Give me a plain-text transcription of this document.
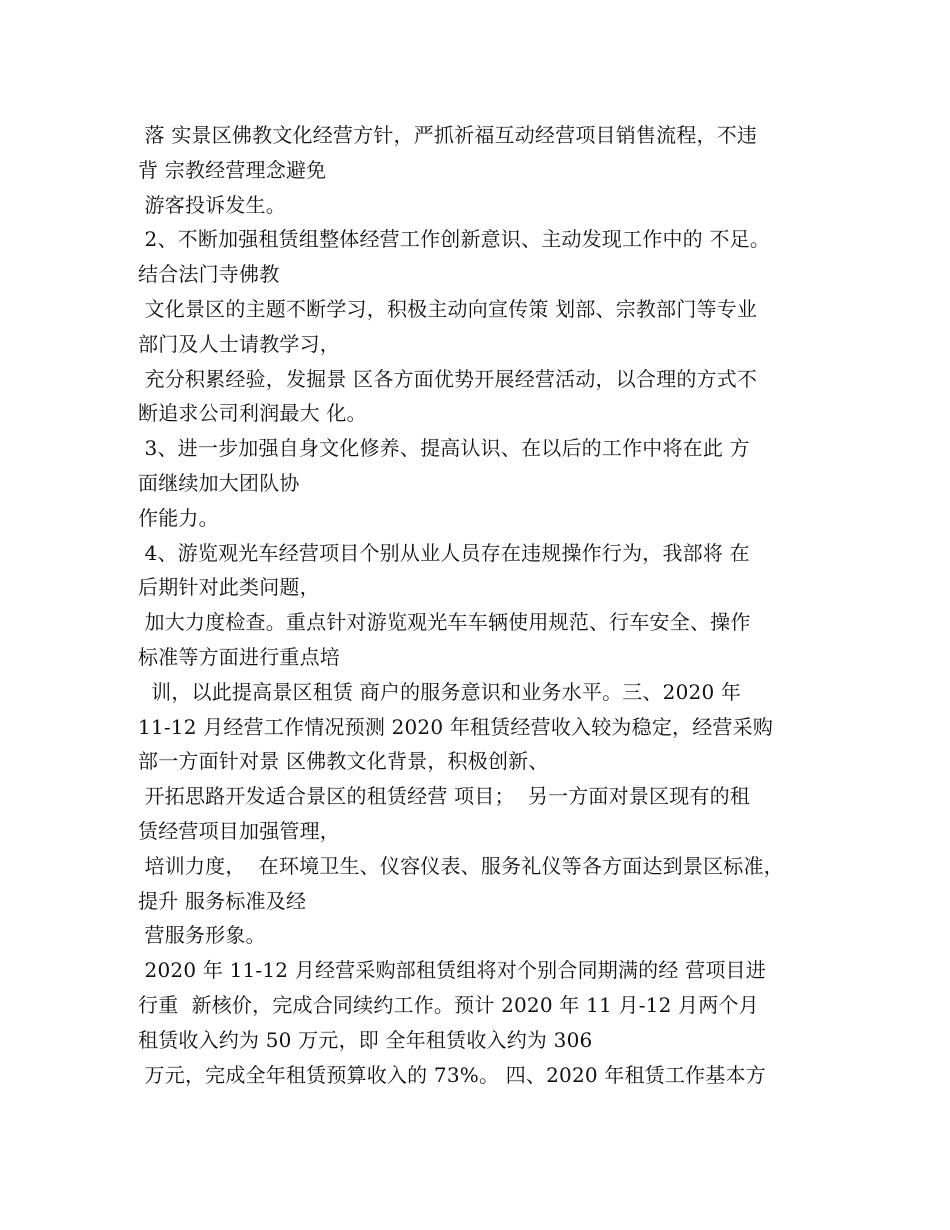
落 实景区佛教文化经营方针，严抓祈福互动经营项目销售流程，不违
背 宗教经营理念避免
游客投诉发生。
2、不断加强租赁组整体经营工作创新意识、主动发现工作中的 不足。
结合法门寺佛教
文化景区的主题不断学习，积极主动向宣传策 划部、宗教部门等专业
部门及人士请教学习，
充分积累经验，发掘景 区各方面优势开展经营活动，以合理的方式不
断追求公司利润最大 化。
3、进一步加强自身文化修养、提高认识、在以后的工作中将在此 方
面继续加大团队协
作能力。
4、游览观光车经营项目个别从业人员存在违规操作行为，我部将 在
后期针对此类问题，
加大力度检查。重点针对游览观光车车辆使用规范、行车安全、操作
标准等方面进行重点培
训，以此提高景区租赁 商户的服务意识和业务水平。三、2020 年
11-12 月经营工作情况预测 2020 年租赁经营收入较为稳定，经营采购
部一方面针对景 区佛教文化背景，积极创新、
开拓思路开发适合景区的租赁经营 项目；  另一方面对景区现有的租
赁经营项目加强管理，
培训力度，  在环境卫生、仪容仪表、服务礼仪等各方面达到景区标准，
提升 服务标准及经
营服务形象。
2020 年 11-12 月经营采购部租赁组将对个别合同期满的经 营项目进
行重  新核价，完成合同续约工作。预计 2020 年 11 月-12 月两个月
租赁收入约为 50 万元，即 全年租赁收入约为 306
万元，完成全年租赁预算收入的 73%。 四、2020 年租赁工作基本方
